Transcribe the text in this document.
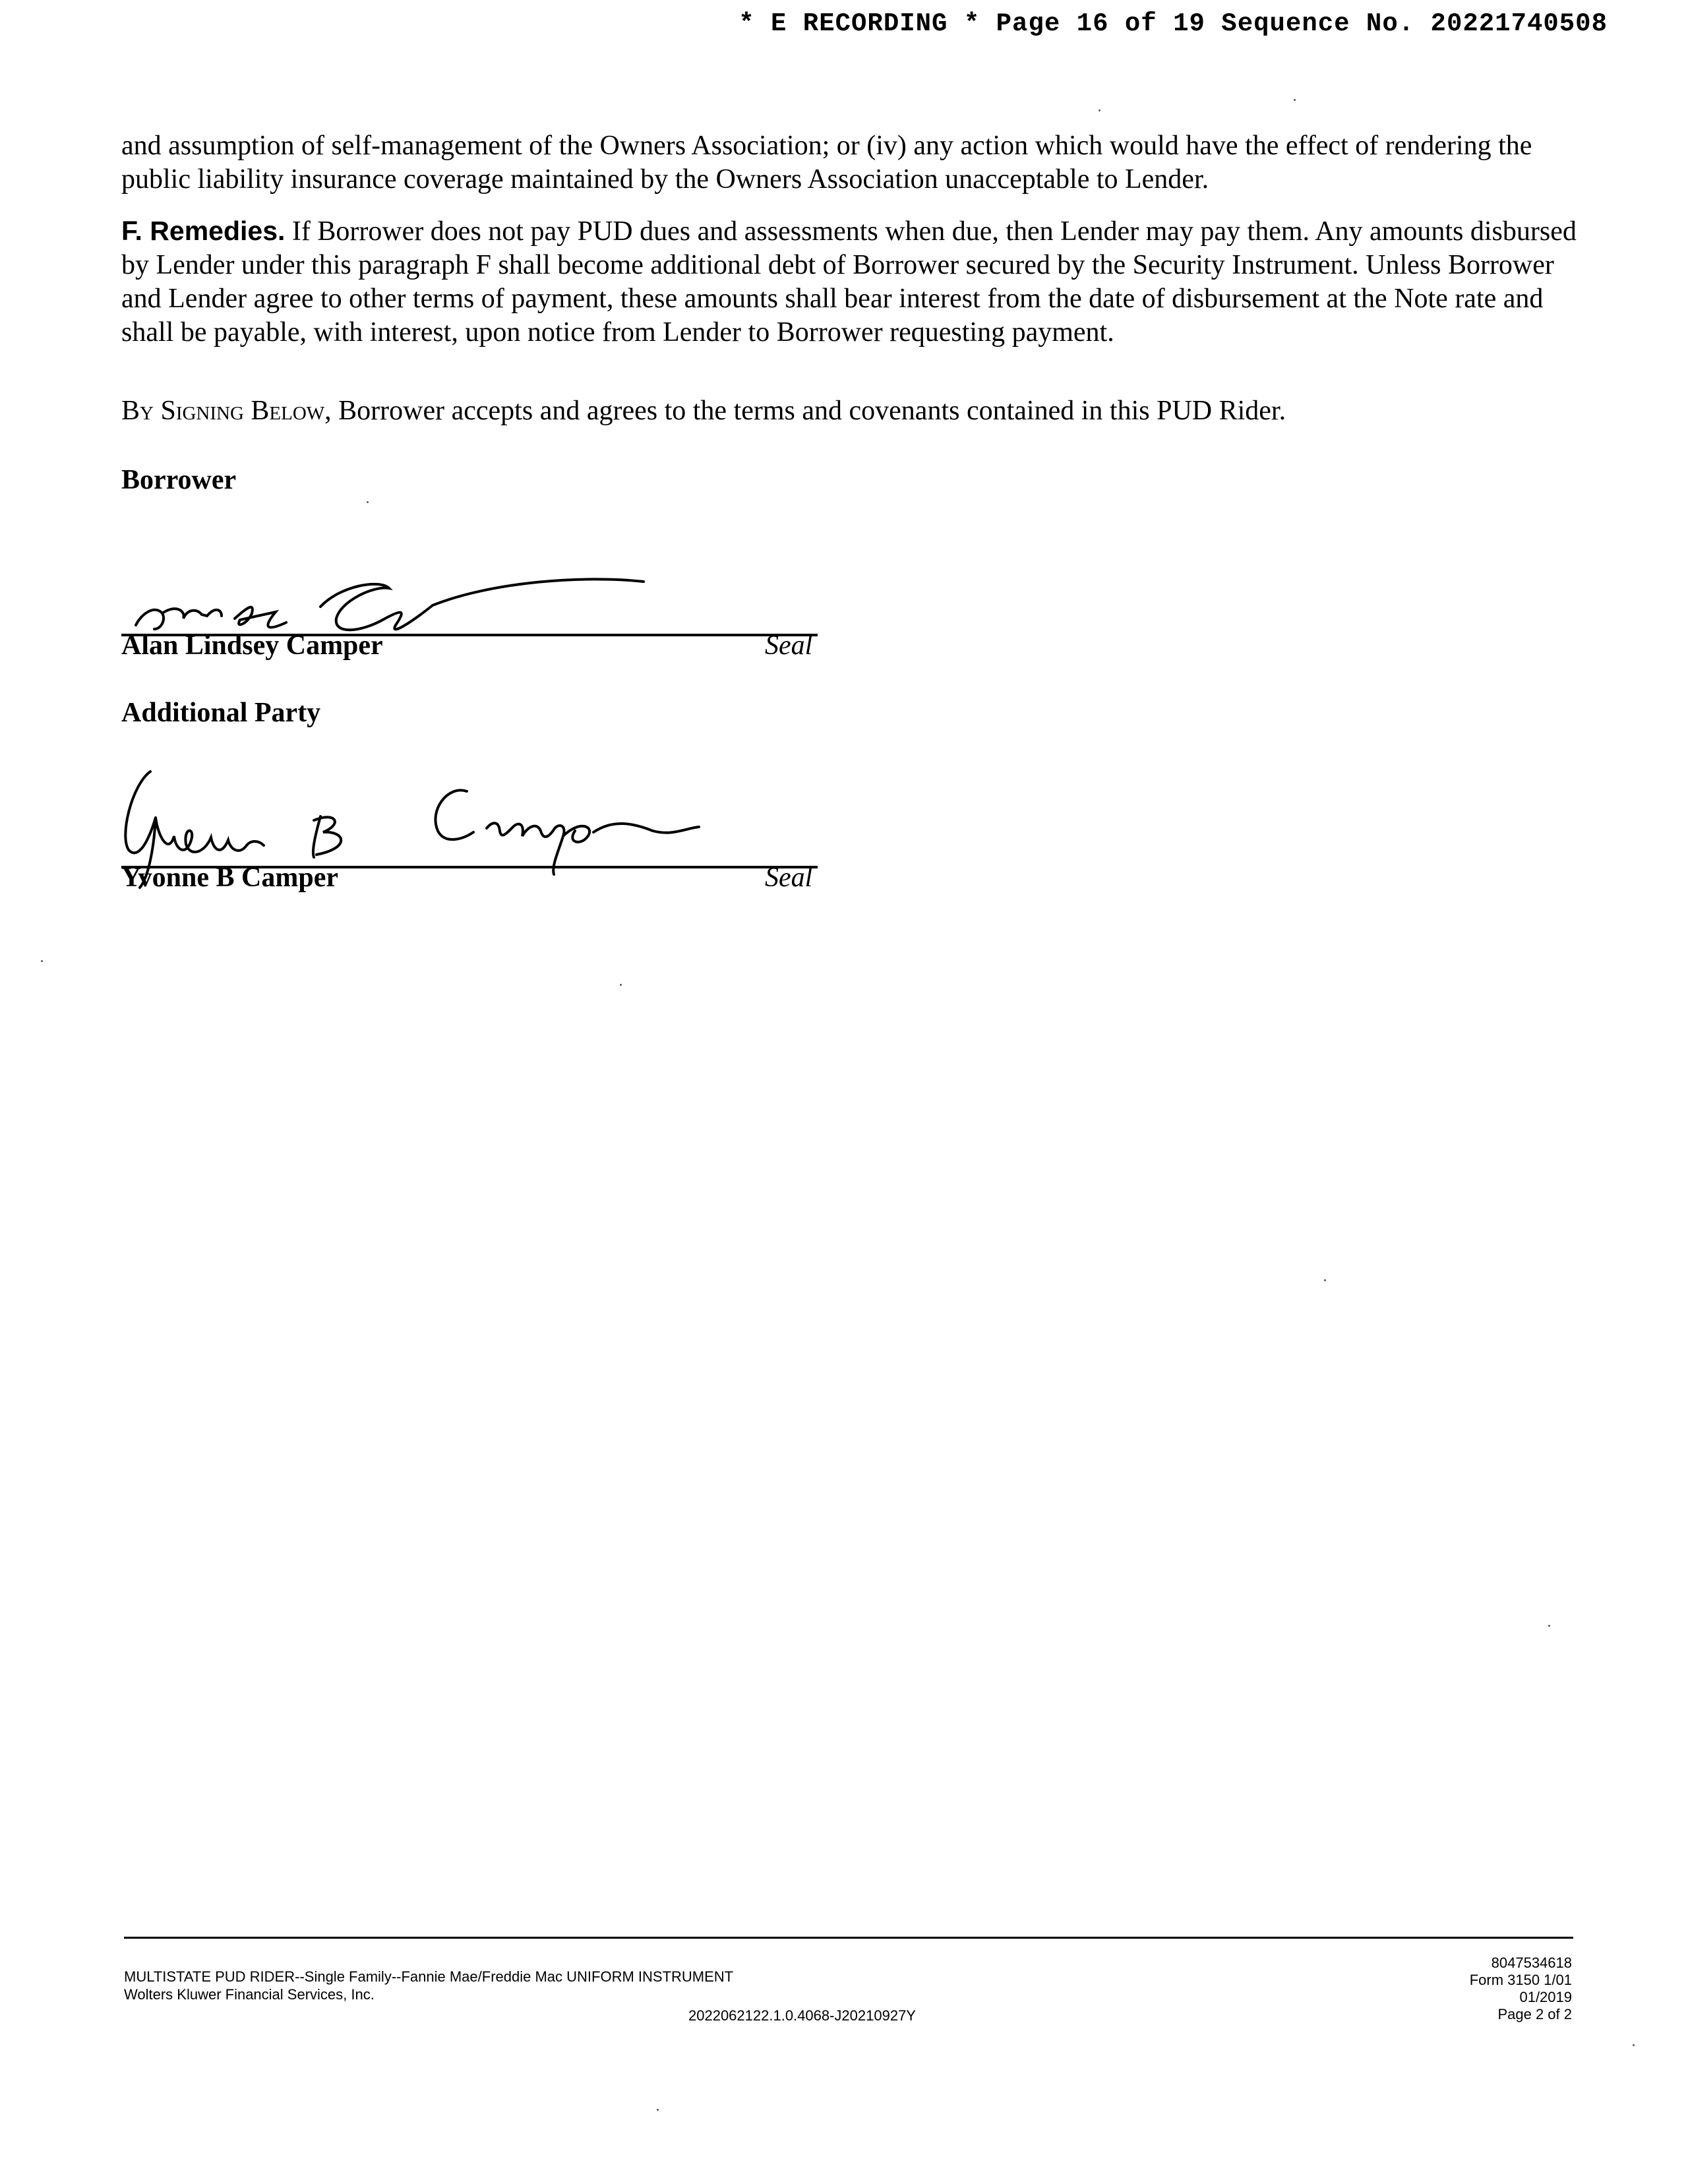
* E RECORDING * Page 16 of 19 Sequence No. 20221740508

and assumption of self-management of the Owners Association; or (iv) any action which would have the effect of rendering the public liability insurance coverage maintained by the Owners Association unacceptable to Lender.

F. Remedies. If Borrower does not pay PUD dues and assessments when due, then Lender may pay them. Any amounts disbursed by Lender under this paragraph F shall become additional debt of Borrower secured by the Security Instrument. Unless Borrower and Lender agree to other terms of payment, these amounts shall bear interest from the date of disbursement at the Note rate and shall be payable, with interest, upon notice from Lender to Borrower requesting payment.

By Signing Below, Borrower accepts and agrees to the terms and covenants contained in this PUD Rider.

Borrower
Alan Lindsey Camper	Seal
Additional Party
Yvonne B Camper	Seal
MULTISTATE PUD RIDER--Single Family--Fannie Mae/Freddie Mac UNIFORM INSTRUMENT
Wolters Kluwer Financial Services, Inc.
2022062122.1.0.4068-J20210927Y
8047534618
Form 3150 1/01
01/2019
Page 2 of 2
